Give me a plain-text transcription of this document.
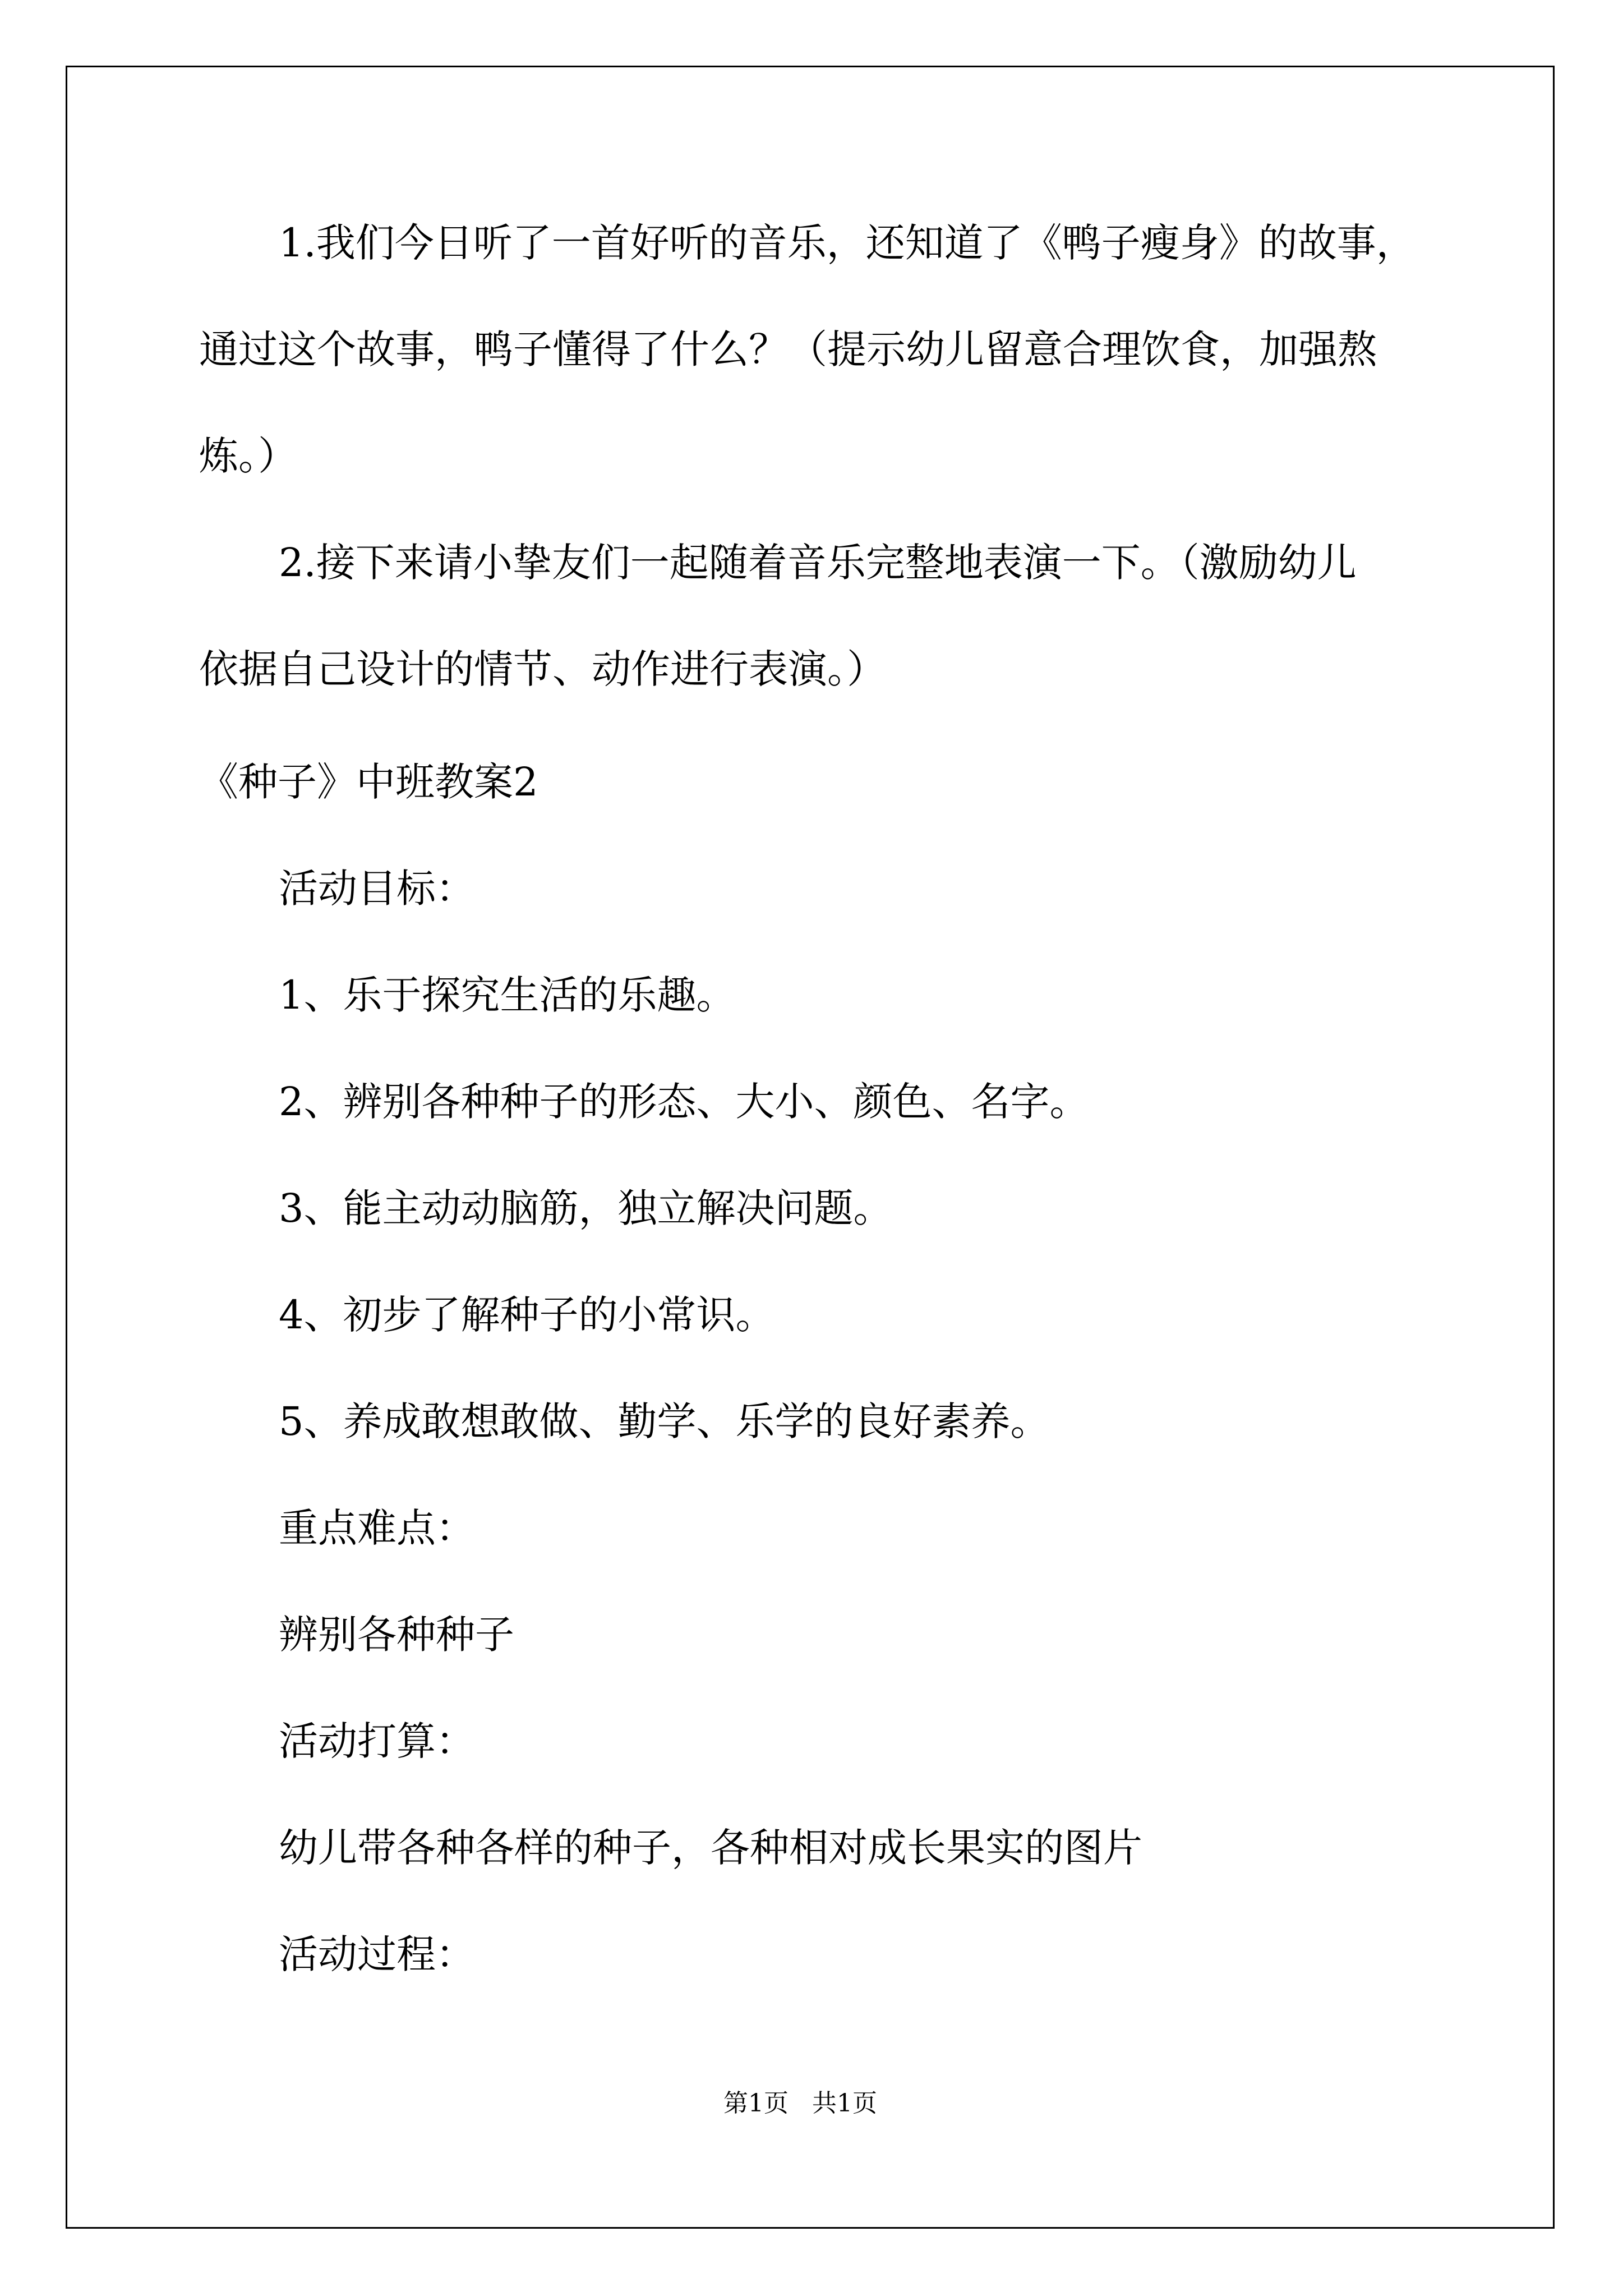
1.我们今日听了一首好听的音乐，还知道了《鸭子瘦身》的故事，
通过这个故事，鸭子懂得了什么？（提示幼儿留意合理饮食，加强熬
炼。）
2.接下来请小挚友们一起随着音乐完整地表演一下。（激励幼儿
依据自己设计的情节、动作进行表演。）
《种子》中班教案2
活动目标：
1、乐于探究生活的乐趣。
2、辨别各种种子的形态、大小、颜色、名字。
3、能主动动脑筋，独立解决问题。
4、初步了解种子的小常识。
5、养成敢想敢做、勤学、乐学的良好素养。
重点难点：
辨别各种种子
活动打算：
幼儿带各种各样的种子，各种相对成长果实的图片
活动过程：
第1页   共1页
